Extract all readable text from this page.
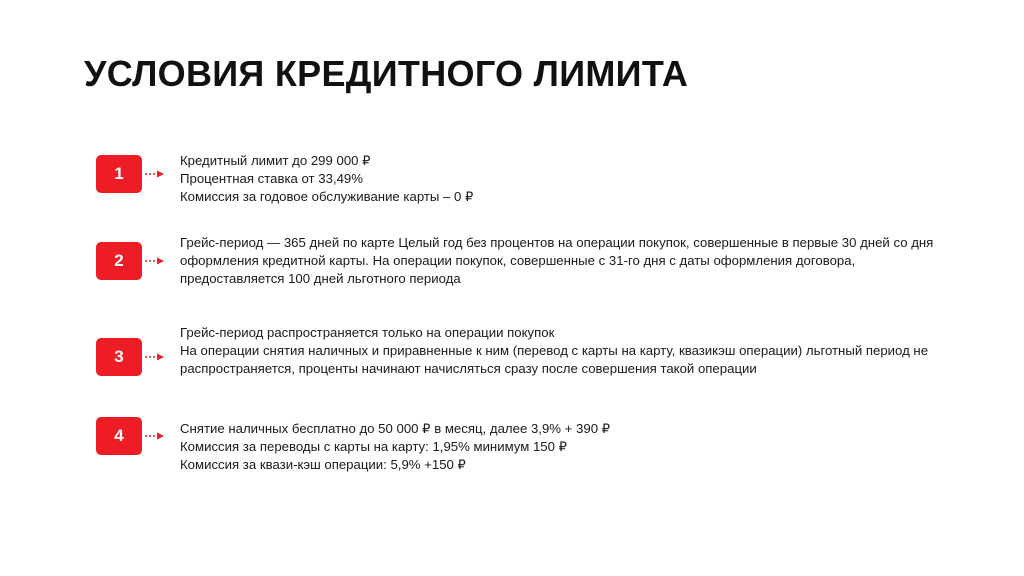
УСЛОВИЯ КРЕДИТНОГО ЛИМИТА
1
Кредитный лимит до 299 000 ₽
Процентная ставка от 33,49%
Комиссия за годовое обслуживание карты – 0 ₽
2
Грейс-период — 365 дней по карте Целый год без процентов на операции покупок, совершенные в первые 30 дней со дня оформления кредитной карты. На операции покупок, совершенные с 31-го дня с даты оформления договора, предоставляется 100 дней льготного периода
3
Грейс-период распространяется только на операции покупок
На операции снятия наличных и приравненные к ним (перевод с карты на карту, квазикэш операции) льготный период не распространяется, проценты начинают начисляться сразу после совершения такой операции
4	Снятие наличных бесплатно до 50 000 ₽ в месяц, далее 3,9% + 390 ₽
Комиссия за переводы с карты на карту: 1,95% минимум 150 ₽
Комиссия за квази-кэш операции: 5,9% +150 ₽
